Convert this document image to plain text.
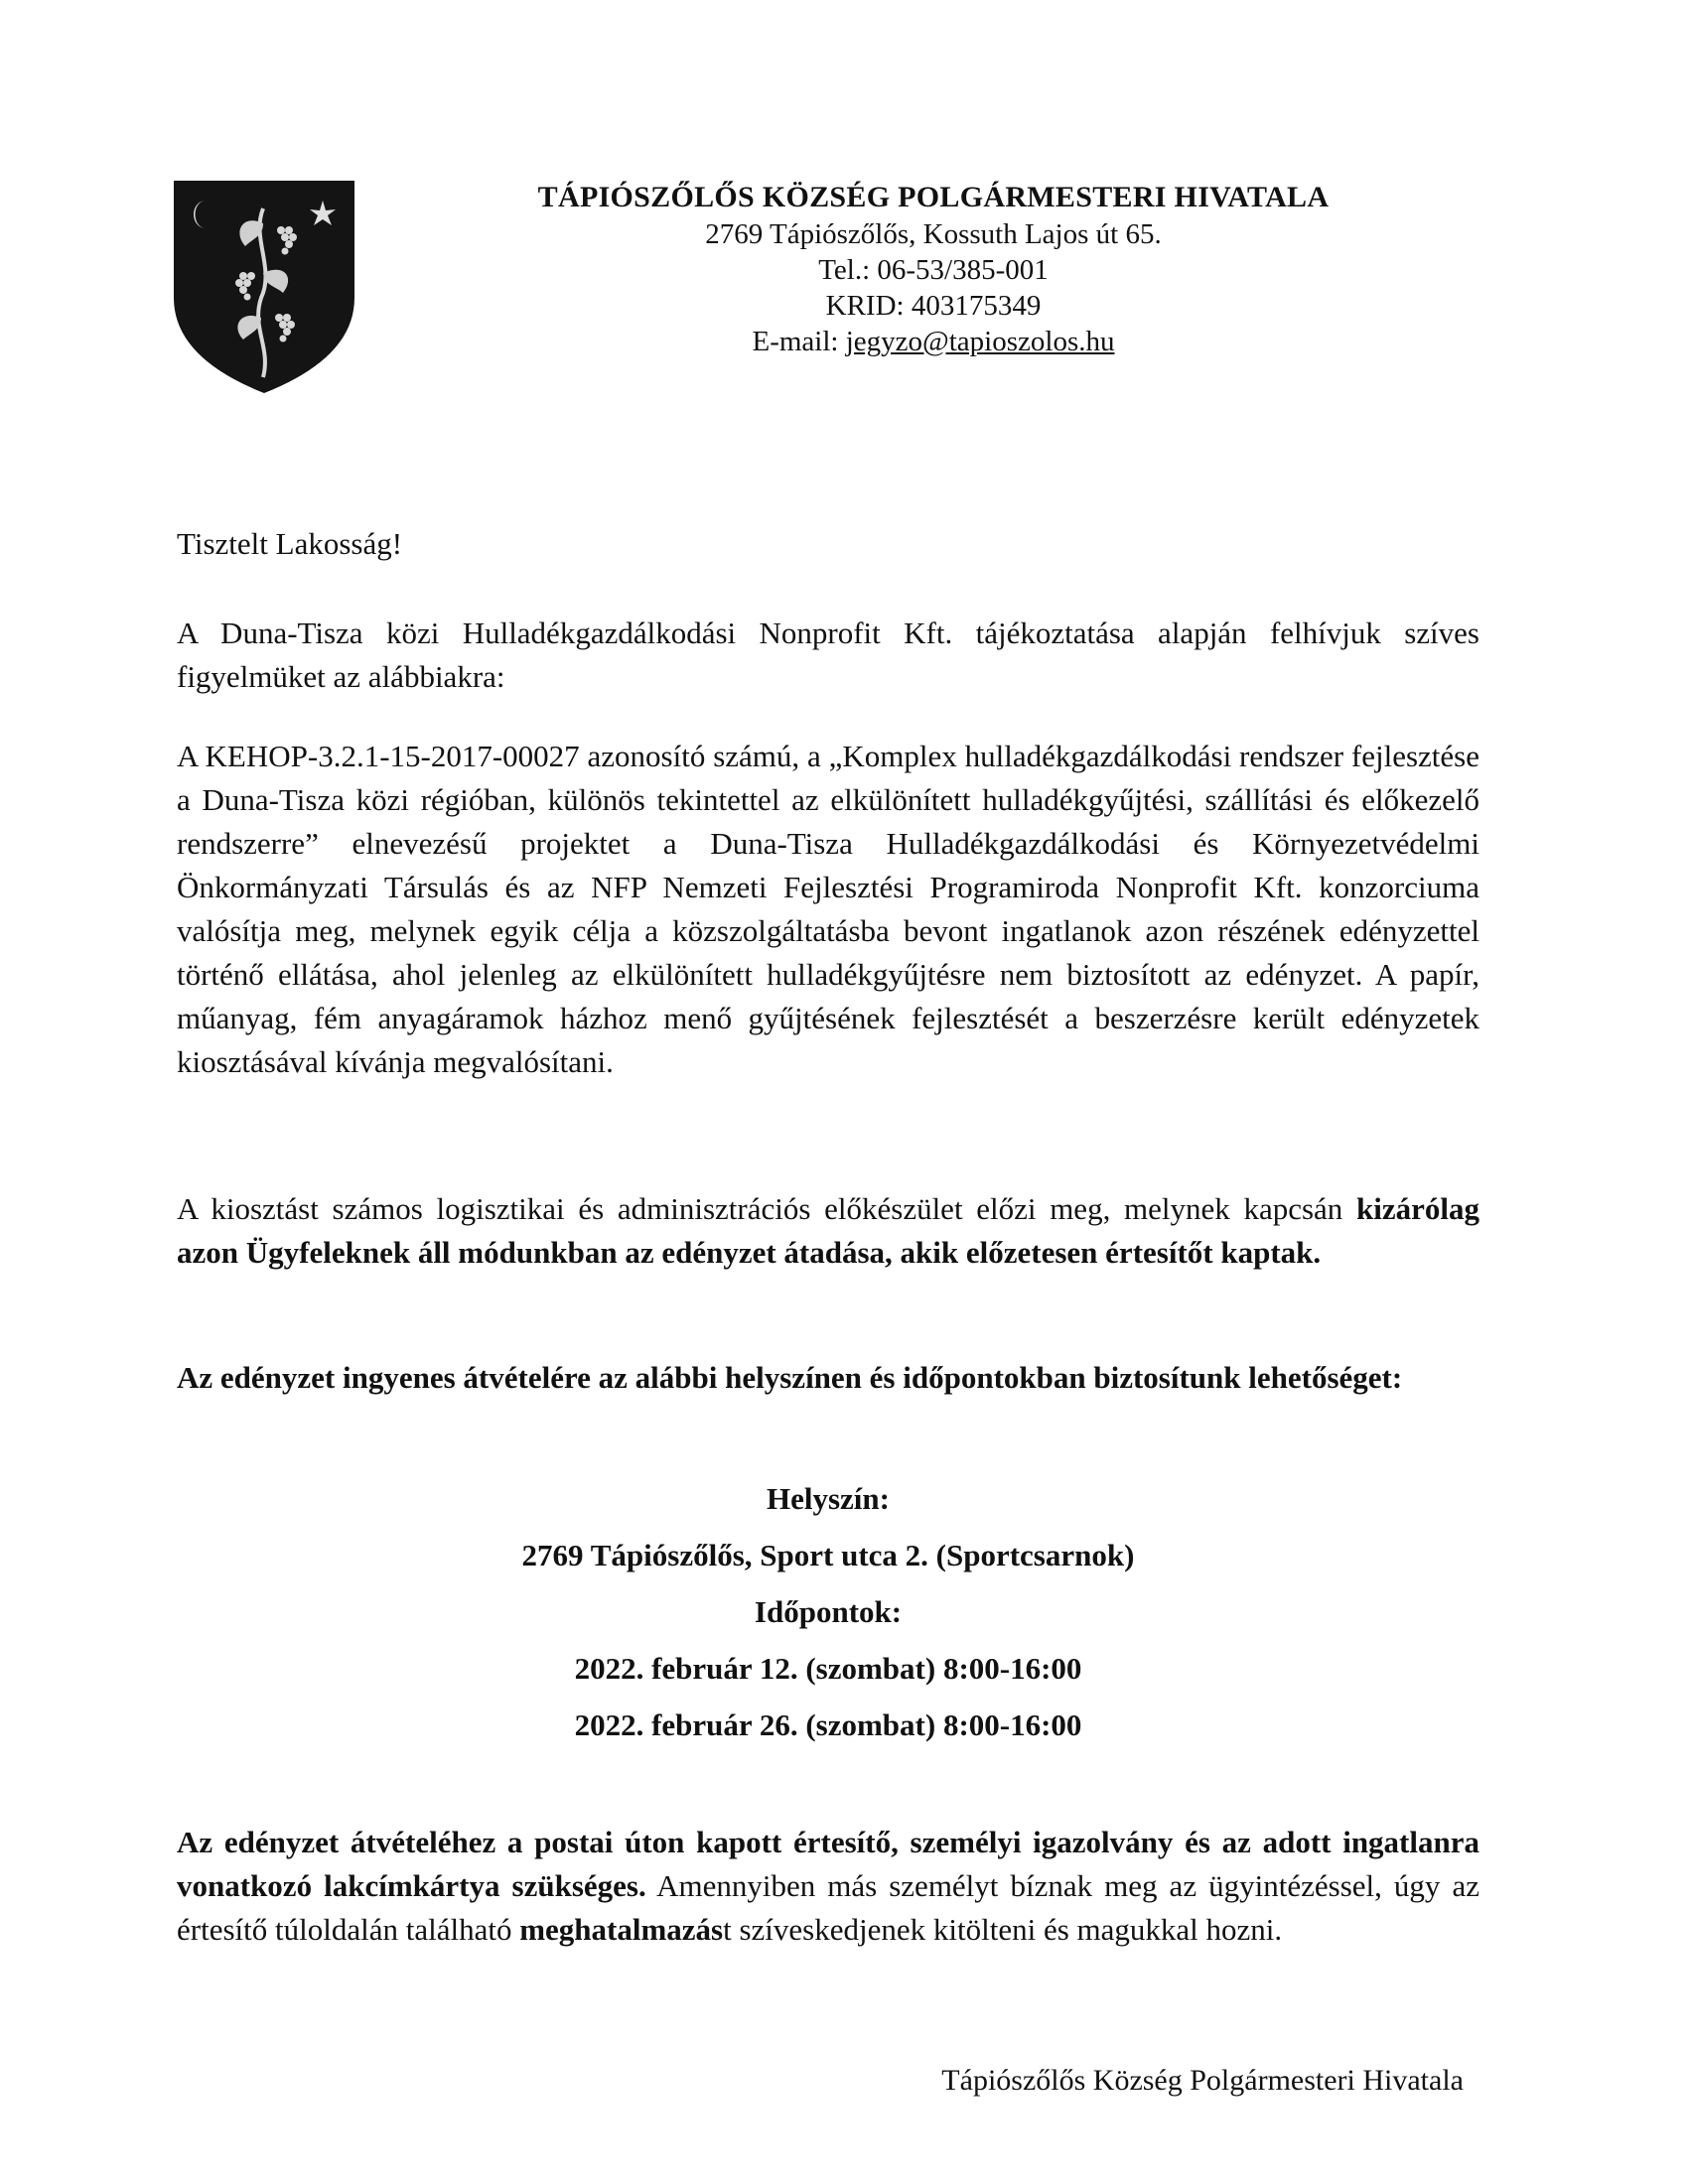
TÁPIÓSZŐLŐS KÖZSÉG POLGÁRMESTERI HIVATALA
2769 Tápiószőlős, Kossuth Lajos út 65.
Tel.: 06-53/385-001
KRID: 403175349
E-mail: jegyzo@tapioszolos.hu
Tisztelt Lakosság!
A Duna-Tisza közi Hulladékgazdálkodási Nonprofit Kft. tájékoztatása alapján felhívjuk szíves figyelmüket az alábbiakra:
A KEHOP-3.2.1-15-2017-00027 azonosító számú, a „Komplex hulladékgazdálkodási rendszer fejlesztése a Duna-Tisza közi régióban, különös tekintettel az elkülönített hulladékgyűjtési, szállítási és előkezelő rendszerre” elnevezésű projektet a Duna-Tisza Hulladékgazdálkodási és Környezetvédelmi Önkormányzati Társulás és az NFP Nemzeti Fejlesztési Programiroda Nonprofit Kft. konzorciuma valósítja meg, melynek egyik célja a közszolgáltatásba bevont ingatlanok azon részének edényzettel történő ellátása, ahol jelenleg az elkülönített hulladékgyűjtésre nem biztosított az edényzet. A papír, műanyag, fém anyagáramok házhoz menő gyűjtésének fejlesztését a beszerzésre került edényzetek kiosztásával kívánja megvalósítani.
A kiosztást számos logisztikai és adminisztrációs előkészület előzi meg, melynek kapcsán kizárólag azon Ügyfeleknek áll módunkban az edényzet átadása, akik előzetesen értesítőt kaptak.
Az edényzet ingyenes átvételére az alábbi helyszínen és időpontokban biztosítunk lehetőséget:
Helyszín:
2769 Tápiószőlős, Sport utca 2. (Sportcsarnok)
Időpontok:
2022. február 12. (szombat) 8:00-16:00
2022. február 26. (szombat) 8:00-16:00
Az edényzet átvételéhez a postai úton kapott értesítő, személyi igazolvány és az adott ingatlanra vonatkozó lakcímkártya szükséges. Amennyiben más személyt bíznak meg az ügyintézéssel, úgy az értesítő túloldalán található meghatalmazást szíveskedjenek kitölteni és magukkal hozni.
Tápiószőlős Község Polgármesteri Hivatala
